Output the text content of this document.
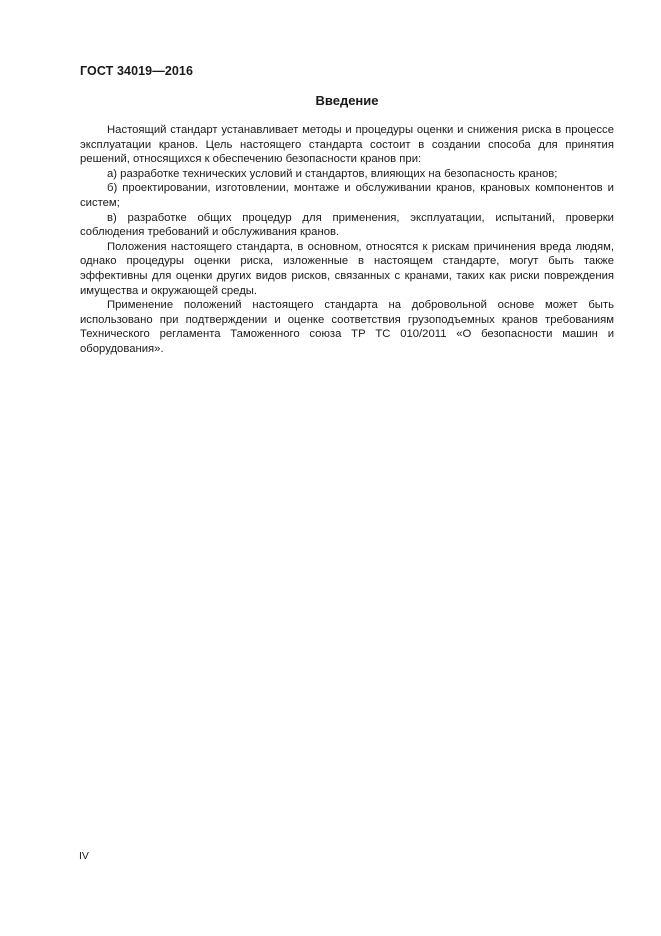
ГОСТ 34019—2016
Введение

Настоящий стандарт устанавливает методы и процедуры оценки и снижения риска в процессе эксплуатации кранов. Цель настоящего стандарта состоит в создании способа для принятия решений, относящихся к обеспечению безопасности кранов при:

а) разработке технических условий и стандартов, влияющих на безопасность кранов;

б) проектировании, изготовлении, монтаже и обслуживании кранов, крановых компонентов и систем;

в) разработке общих процедур для применения, эксплуатации, испытаний, проверки соблюдения требований и обслуживания кранов.

Положения настоящего стандарта, в основном, относятся к рискам причинения вреда людям, однако процедуры оценки риска, изложенные в настоящем стандарте, могут быть также эффективны для оценки других видов рисков, связанных с кранами, таких как риски повреждения имущества и окружающей среды.

Применение положений настоящего стандарта на добровольной основе может быть использовано при подтверждении и оценке соответствия грузоподъемных кранов требованиям Технического регламента Таможенного союза ТР ТС 010/2011 «О безопасности машин и оборудования».

IV
